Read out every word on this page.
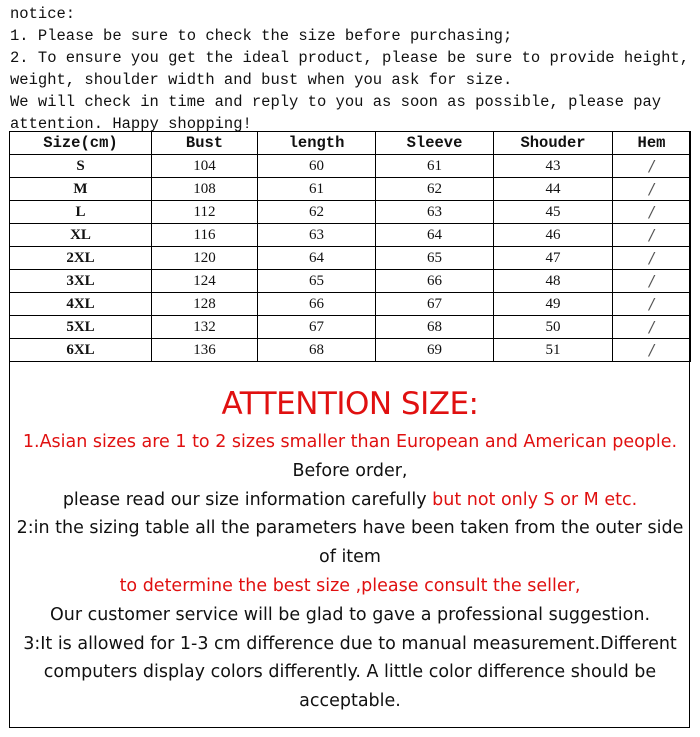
notice:
1. Please be sure to check the size before purchasing;
2. To ensure you get the ideal product, please be sure to provide height,
weight, shoulder width and bust when you ask for size.
We will check in time and reply to you as soon as possible, please pay
attention. Happy shopping!
Size(cm)	Bust	length	Sleeve	Shouder	Hem
S	104	60	61	43	/
M	108	61	62	44	/
L	112	62	63	45	/
XL	116	63	64	46	/
2XL	120	64	65	47	/
3XL	124	65	66	48	/
4XL	128	66	67	49	/
5XL	132	67	68	50	/
6XL	136	68	69	51	/
ATTENTION SIZE:
1.Asian sizes are 1 to 2 sizes smaller than European and American people.
Before order,
please read our size information carefully but not only S or M etc.
2:in the sizing table all the parameters have been taken from the outer side
of item
to determine the best size ,please consult the seller,
Our customer service will be glad to gave a professional suggestion.
3:It is allowed for 1-3 cm difference due to manual measurement.Different
computers display colors differently. A little color difference should be
acceptable.
